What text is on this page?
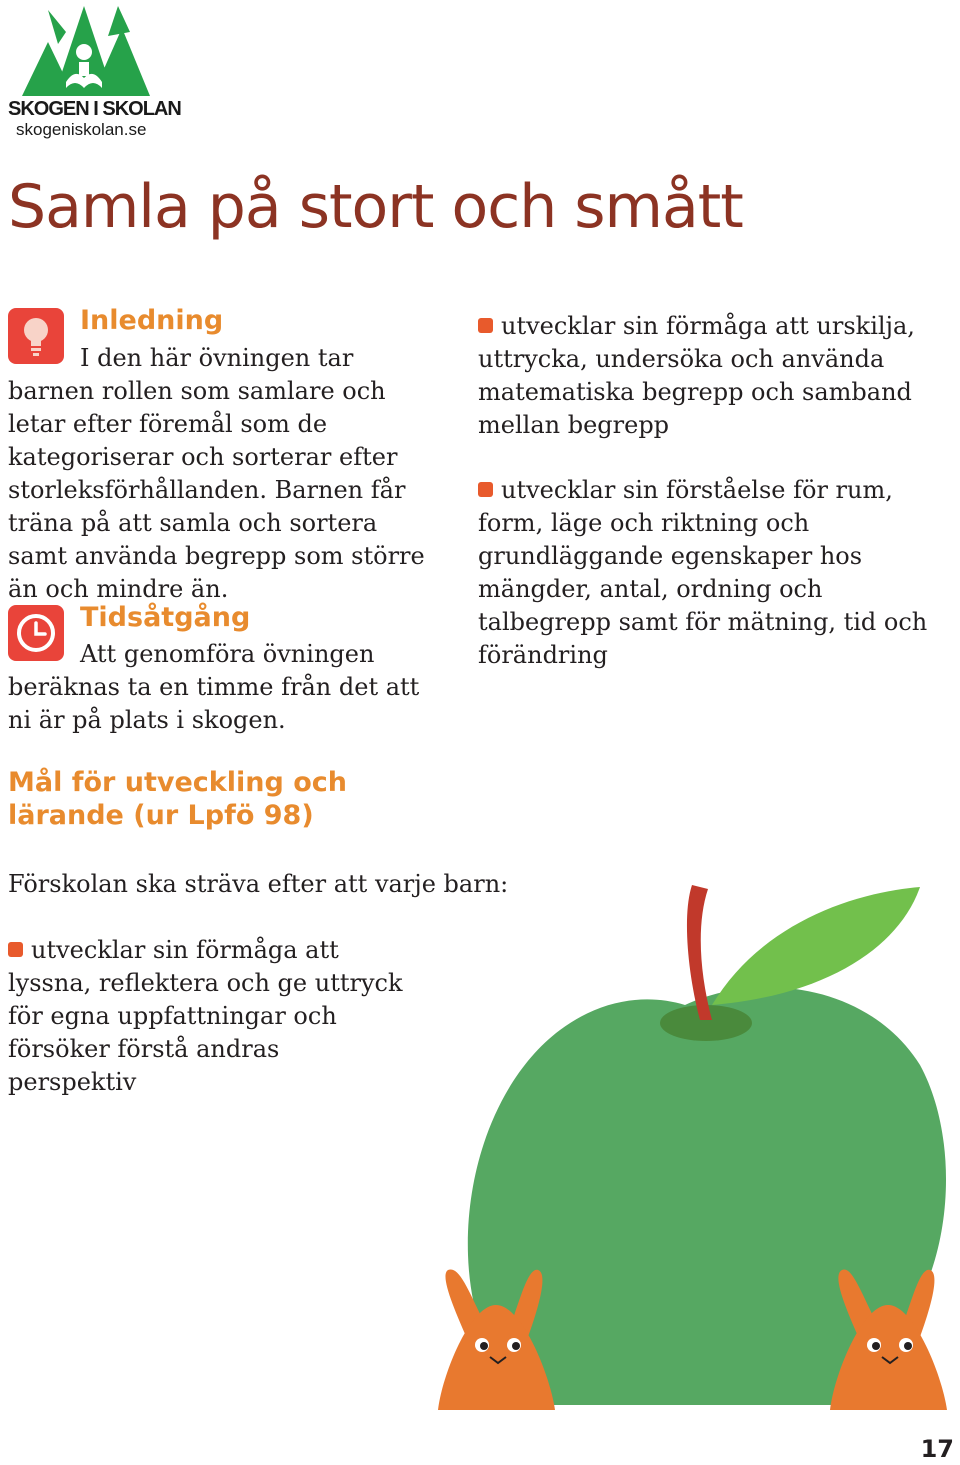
SKOGEN I SKOLAN
skogeniskolan.se
Samla på stort och smått
Inledning

I den här övningen tar barnen rollen som samlare och letar efter föremål som de kategoriserar och sorterar efter storleksförhållanden. Barnen får träna på att samla och sortera samt använda begrepp som större än och mindre än.

Tidsåtgång

Att genomföra övningen beräknas ta en timme från det att ni är på plats i skogen.

Mål för utveckling och lärande (ur Lpfö 98)

Förskolan ska sträva efter att varje barn:

utvecklar sin förmåga att lyssna, reflektera och ge uttryck för egna uppfattningar och försöker förstå andras perspektiv
utvecklar sin förmåga att urskilja, uttrycka, undersöka och använda matematiska begrepp och samband mellan begrepp
utvecklar sin förståelse för rum, form, läge och riktning och grundläggande egenskaper hos mängder, antal, ordning och talbegrepp samt för mätning, tid och förändring
17
